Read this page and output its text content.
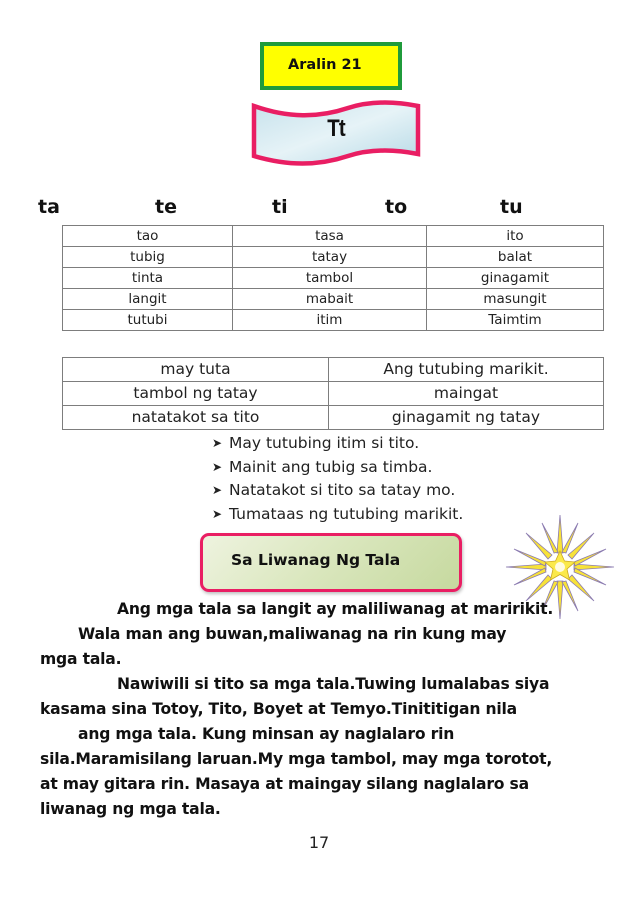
Aralin 21
Tt
ta	te	ti	to	tu
tao	tasa	ito
tubig	tatay	balat
tinta	tambol	ginagamit
langit	mabait	masungit
tutubi	itim	Taimtim
may tuta	Ang tutubing marikit.
tambol ng tatay	maingat
natatakot sa tito	ginagamit ng tatay
➤ May tutubing itim si tito.
➤ Mainit ang tubig sa timba.
➤ Natatakot si tito sa tatay mo.
➤ Tumataas ng tutubing marikit.
Sa Liwanag Ng Tala
Ang mga tala sa langit ay maliliwanag at maririkit.
Wala man ang buwan,maliwanag na rin kung may
mga tala.
Nawiwili si tito sa mga tala.Tuwing lumalabas siya
kasama sina Totoy, Tito, Boyet at Temyo.Tinititigan nila
ang mga tala. Kung minsan ay naglalaro rin
sila.Maramisilang laruan.My mga tambol, may mga torotot,
at may gitara rin. Masaya at maingay silang naglalaro sa
liwanag ng mga tala.
17
